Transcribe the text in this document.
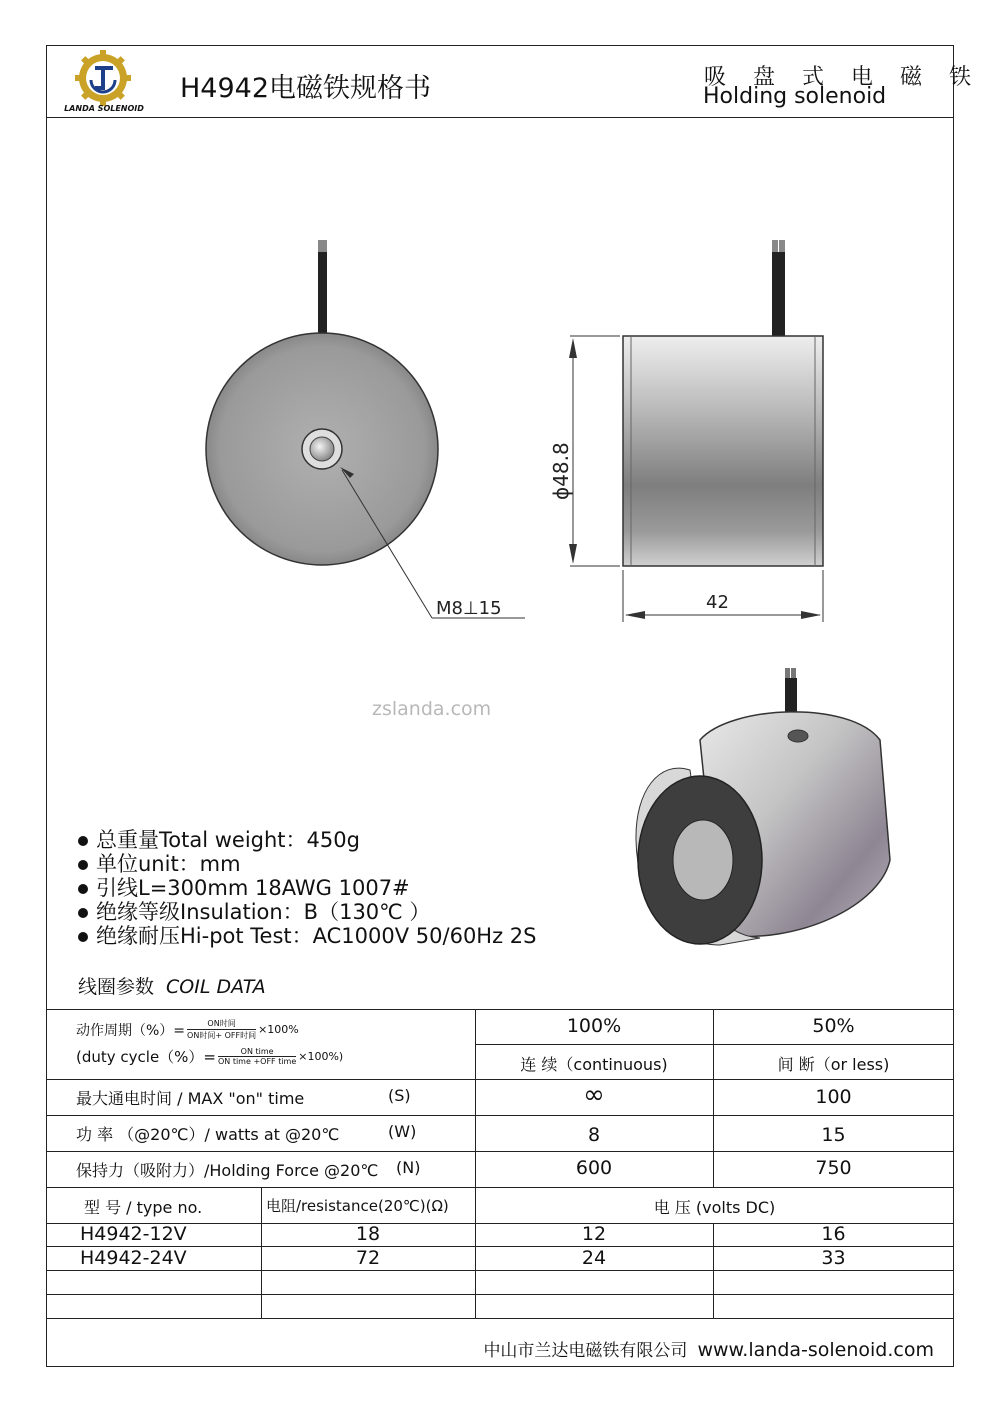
LANDA SOLENOID
H4942电磁铁规格书	吸 盘 式 电 磁 铁
Holding solenoid
M8⊥15
ϕ48.8
42
zslanda.com
总重量Total weight：450g
单位unit：mm
引线L=300mm 18AWG 1007#
绝缘等级Insulation：B（130℃ ）
绝缘耐压Hi-pot Test：AC1000V 50/60Hz 2S
线圈参数 COIL DATA
动作周期（%）=	ON时间
ON时间+ OFF时间 ×100%
(duty cycle（%）=	ON time
ON time +OFF time ×100%)
100%	50%
连 续（continuous)	间 断（or less)
最大通电时间 / MAX "on" time	(S)	∞	100
功 率 （@20℃）/ watts at @20℃	(W)	8	15
保持力（吸附力）/Holding Force @20℃ (N)	600	750
型 号 / type no.	电阻/resistance(20℃)(Ω)	电 压 (volts DC)
H4942-12V	18	12	16
H4942-24V	72	24	33
中山市兰达电磁铁有限公司 www.landa-solenoid.com
